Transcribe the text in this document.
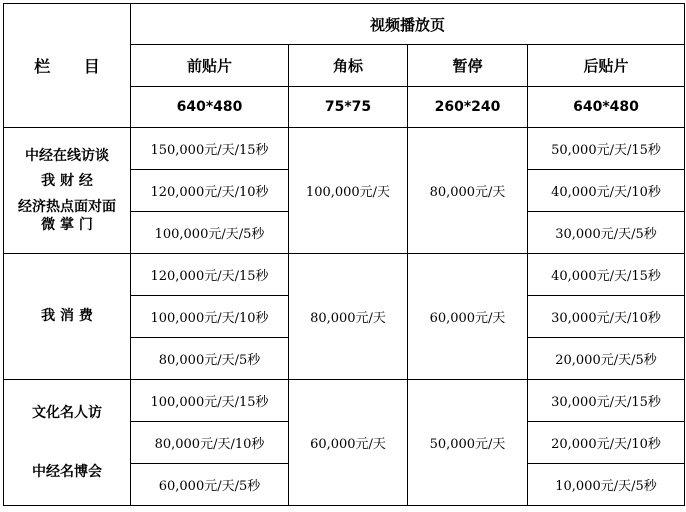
栏 目	视频播放页			
	前贴片	角标	暂停	后贴片
	640*480	75*75	260*240	640*480

中经在线访谈
我 财 经
经济热点面对面
微 掌 门	150,000元/天/15秒	100,000元/天	80,000元/天	50,000元/天/15秒
	120,000元/天/10秒			40,000元/天/10秒
	100,000元/天/5秒			30,000元/天/5秒

我 消 费	120,000元/天/15秒	80,000元/天	60,000元/天	40,000元/天/15秒
	100,000元/天/10秒			30,000元/天/10秒
	80,000元/天/5秒			20,000元/天/5秒

文化名人访
中经名博会	100,000元/天/15秒	60,000元/天	50,000元/天	30,000元/天/15秒
	80,000元/天/10秒			20,000元/天/10秒
	60,000元/天/5秒			10,000元/天/5秒
